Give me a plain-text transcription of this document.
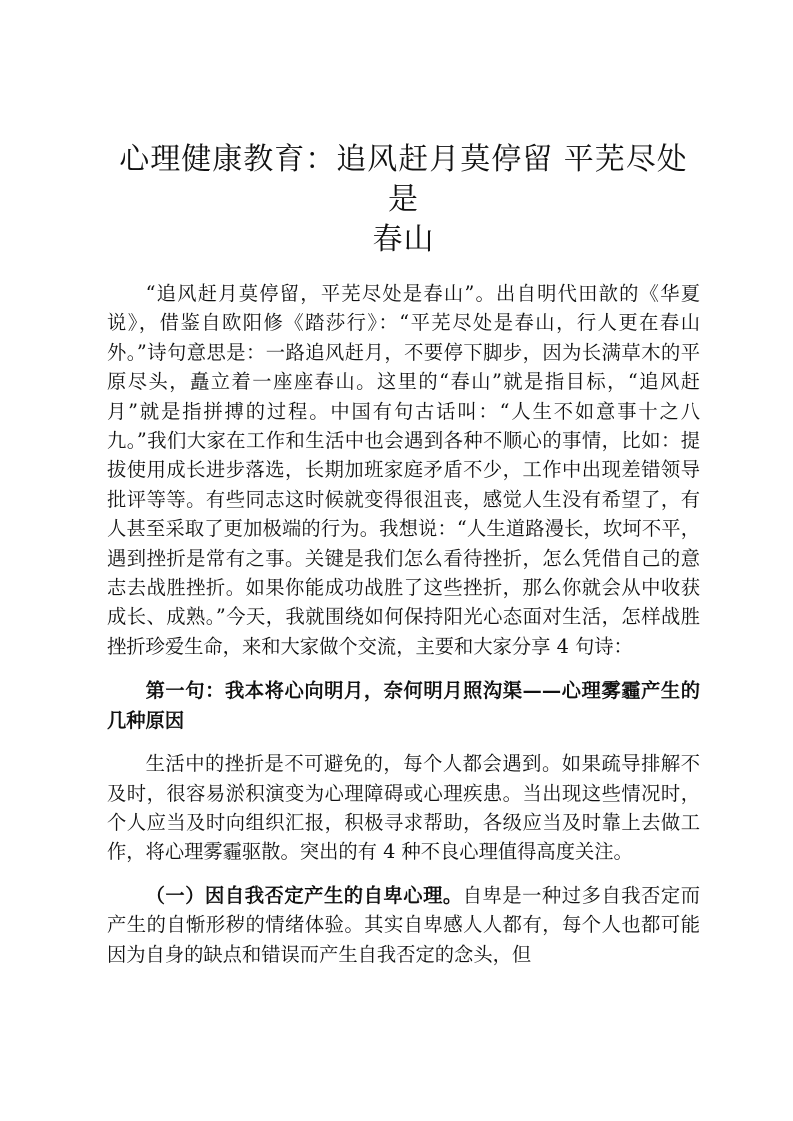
心理健康教育：追风赶月莫停留 平芜尽处是
春山

“追风赶月莫停留，平芜尽处是春山”。出自明代田歆的《华夏说》，借鉴自欧阳修《踏莎行》：“平芜尽处是春山，行人更在春山外。”诗句意思是：一路追风赶月，不要停下脚步，因为长满草木的平原尽头，矗立着一座座春山。这里的“春山”就是指目标，“追风赶月”就是指拼搏的过程。中国有句古话叫：“人生不如意事十之八九。”我们大家在工作和生活中也会遇到各种不顺心的事情，比如：提拔使用成长进步落选，长期加班家庭矛盾不少，工作中出现差错领导批评等等。有些同志这时候就变得很沮丧，感觉人生没有希望了，有人甚至采取了更加极端的行为。我想说：“人生道路漫长，坎坷不平，遇到挫折是常有之事。关键是我们怎么看待挫折，怎么凭借自己的意志去战胜挫折。如果你能成功战胜了这些挫折，那么你就会从中收获成长、成熟。”今天，我就围绕如何保持阳光心态面对生活，怎样战胜挫折珍爱生命，来和大家做个交流，主要和大家分享 4 句诗：

第一句：我本将心向明月，奈何明月照沟渠——心理雾霾产生的几种原因

生活中的挫折是不可避免的，每个人都会遇到。如果疏导排解不及时，很容易淤积演变为心理障碍或心理疾患。当出现这些情况时，个人应当及时向组织汇报，积极寻求帮助，各级应当及时靠上去做工作，将心理雾霾驱散。突出的有 4 种不良心理值得高度关注。

（一）因自我否定产生的自卑心理。自卑是一种过多自我否定而产生的自惭形秽的情绪体验。其实自卑感人人都有，每个人也都可能因为自身的缺点和错误而产生自我否定的念头，但
